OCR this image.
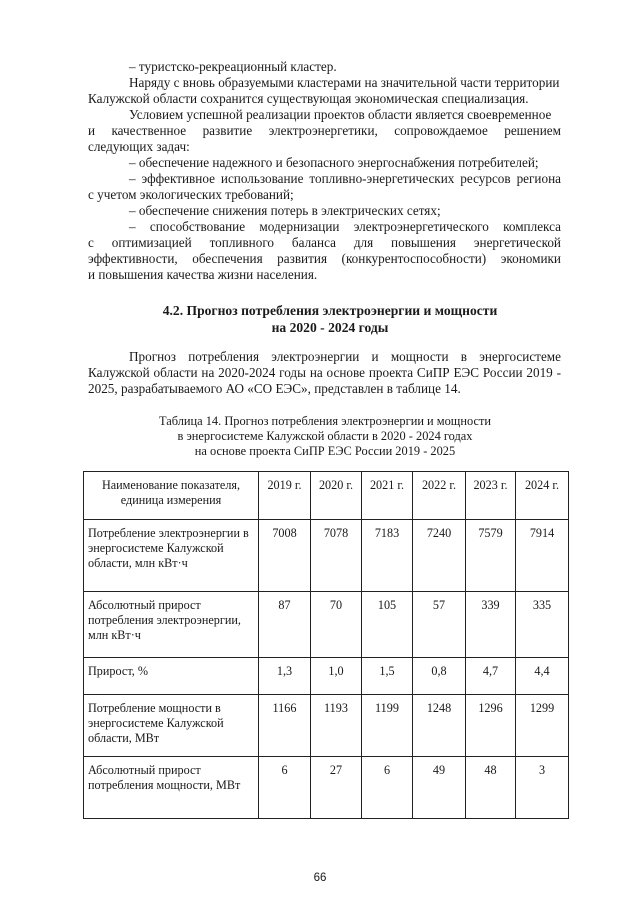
– туристско-рекреационный кластер.
Наряду с вновь образуемыми кластерами на значительной части территории
Калужской области сохранится существующая экономическая специализация.
Условием успешной реализации проектов области является своевременное
и качественное развитие электроэнергетики, сопровождаемое решением
следующих задач:
– обеспечение надежного и безопасного энергоснабжения потребителей;
– эффективное использование топливно-энергетических ресурсов региона
с учетом экологических требований;
– обеспечение снижения потерь в электрических сетях;
– способствование модернизации электроэнергетического комплекса
с оптимизацией топливного баланса для повышения энергетической
эффективности, обеспечения развития (конкурентоспособности) экономики
и повышения качества жизни населения.
4.2. Прогноз потребления электроэнергии и мощности
на 2020 - 2024 годы
Прогноз потребления электроэнергии и мощности в энергосистеме
Калужской области на 2020-2024 годы на основе проекта СиПР ЕЭС России 2019 -
2025, разрабатываемого АО «СО ЕЭС», представлен в таблице 14.
Таблица 14. Прогноз потребления электроэнергии и мощности
в энергосистеме Калужской области в 2020 - 2024 годах
на основе проекта СиПР ЕЭС России 2019 - 2025
Наименование показателя, единица измерения	2019 г.	2020 г.	2021 г.	2022 г.	2023 г.	2024 г.
Потребление электроэнергии в энергосистеме Калужской области, млн кВт·ч	7008	7078	7183	7240	7579	7914
Абсолютный прирост потребления электроэнергии, млн кВт·ч	87	70	105	57	339	335
Прирост, %	1,3	1,0	1,5	0,8	4,7	4,4
Потребление мощности в энергосистеме Калужской области, МВт	1166	1193	1199	1248	1296	1299
Абсолютный прирост потребления мощности, МВт	6	27	6	49	48	3
66
